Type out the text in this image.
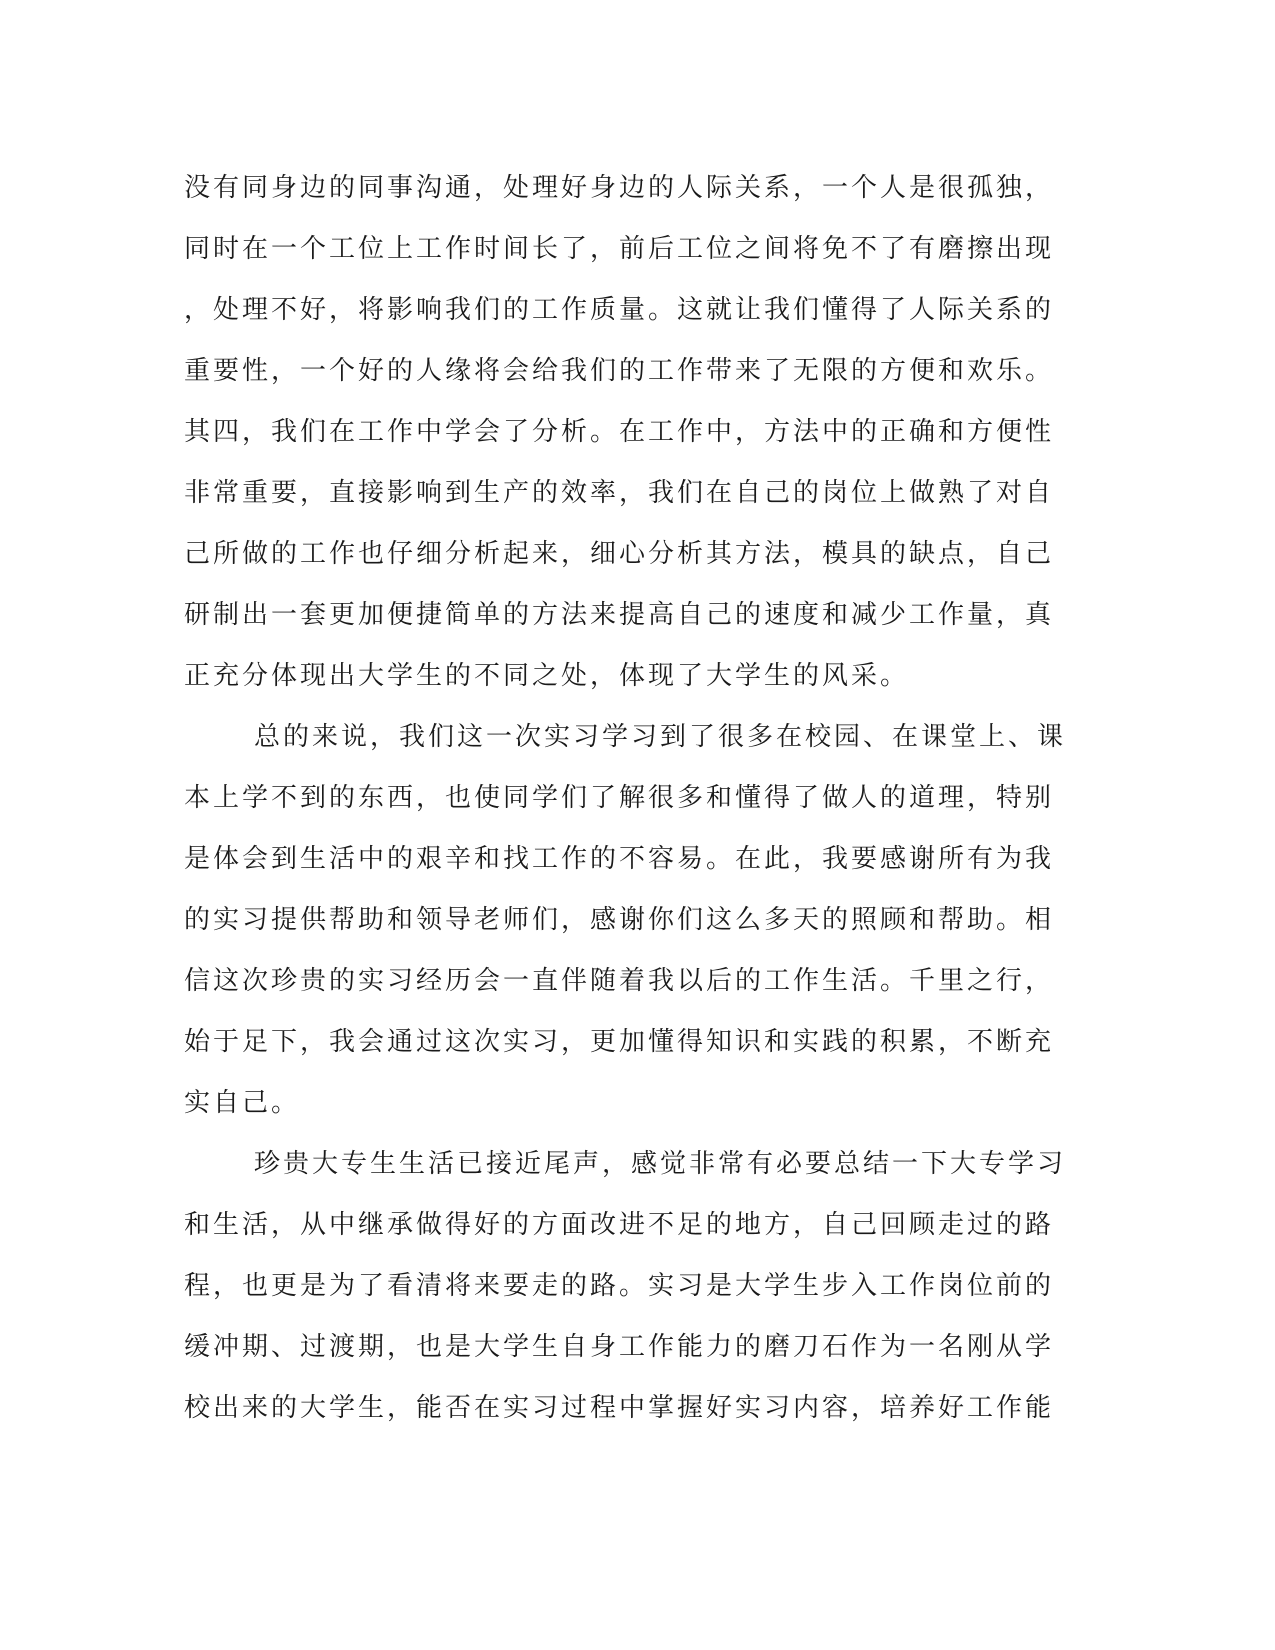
没有同身边的同事沟通，处理好身边的人际关系，一个人是很孤独，
同时在一个工位上工作时间长了，前后工位之间将免不了有磨擦出现
，处理不好，将影响我们的工作质量。这就让我们懂得了人际关系的
重要性，一个好的人缘将会给我们的工作带来了无限的方便和欢乐。
其四，我们在工作中学会了分析。在工作中，方法中的正确和方便性
非常重要，直接影响到生产的效率，我们在自己的岗位上做熟了对自
己所做的工作也仔细分析起来，细心分析其方法，模具的缺点，自己
研制出一套更加便捷简单的方法来提高自己的速度和减少工作量，真
正充分体现出大学生的不同之处，体现了大学生的风采。
总的来说，我们这一次实习学习到了很多在校园、在课堂上、课
本上学不到的东西，也使同学们了解很多和懂得了做人的道理，特别
是体会到生活中的艰辛和找工作的不容易。在此，我要感谢所有为我
的实习提供帮助和领导老师们，感谢你们这么多天的照顾和帮助。相
信这次珍贵的实习经历会一直伴随着我以后的工作生活。千里之行，
始于足下，我会通过这次实习，更加懂得知识和实践的积累，不断充
实自己。
珍贵大专生生活已接近尾声，感觉非常有必要总结一下大专学习
和生活，从中继承做得好的方面改进不足的地方，自己回顾走过的路
程，也更是为了看清将来要走的路。实习是大学生步入工作岗位前的
缓冲期、过渡期，也是大学生自身工作能力的磨刀石作为一名刚从学
校出来的大学生，能否在实习过程中掌握好实习内容，培养好工作能
